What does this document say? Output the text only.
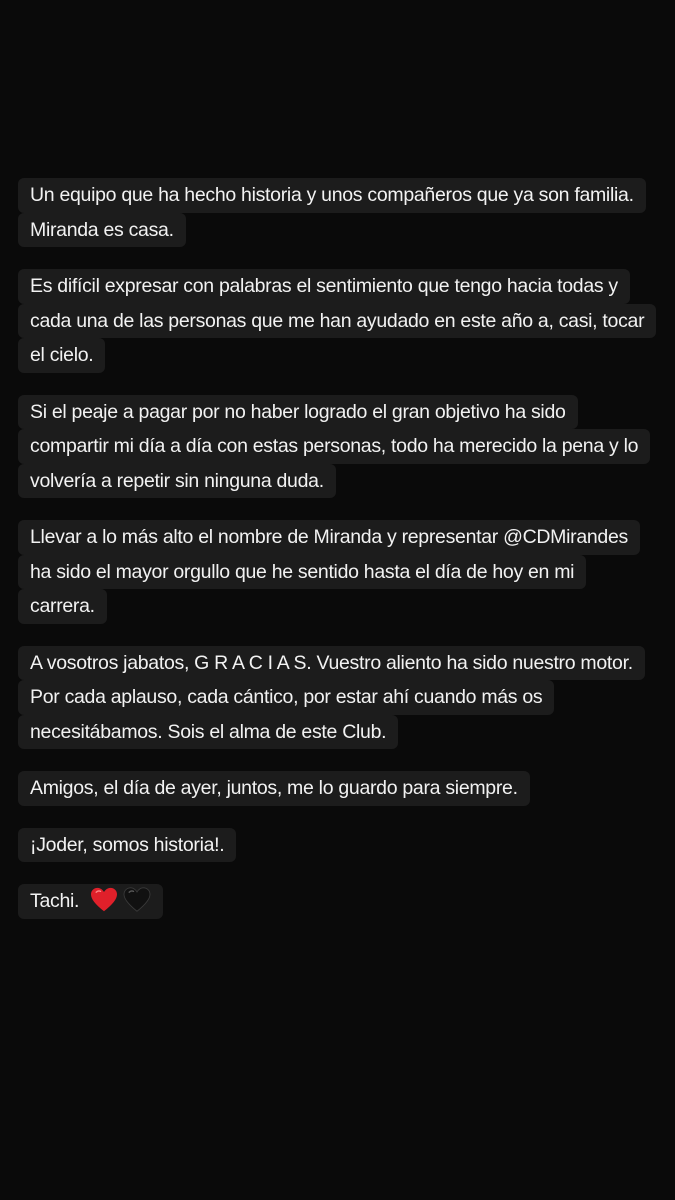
Un equipo que ha hecho historia y unos compañeros que ya son familia.
Miranda es casa.

Es difícil expresar con palabras el sentimiento que tengo hacia todas y
cada una de las personas que me han ayudado en este año a, casi, tocar
el cielo.

Si el peaje a pagar por no haber logrado el gran objetivo ha sido
compartir mi día a día con estas personas, todo ha merecido la pena y lo
volvería a repetir sin ninguna duda.

Llevar a lo más alto el nombre de Miranda y representar @CDMirandes
ha sido el mayor orgullo que he sentido hasta el día de hoy en mi
carrera.

A vosotros jabatos, G R A C I A S. Vuestro aliento ha sido nuestro motor.
Por cada aplauso, cada cántico, por estar ahí cuando más os
necesitábamos. Sois el alma de este Club.

Amigos, el día de ayer, juntos, me lo guardo para siempre.

¡Joder, somos historia!.

Tachi.
